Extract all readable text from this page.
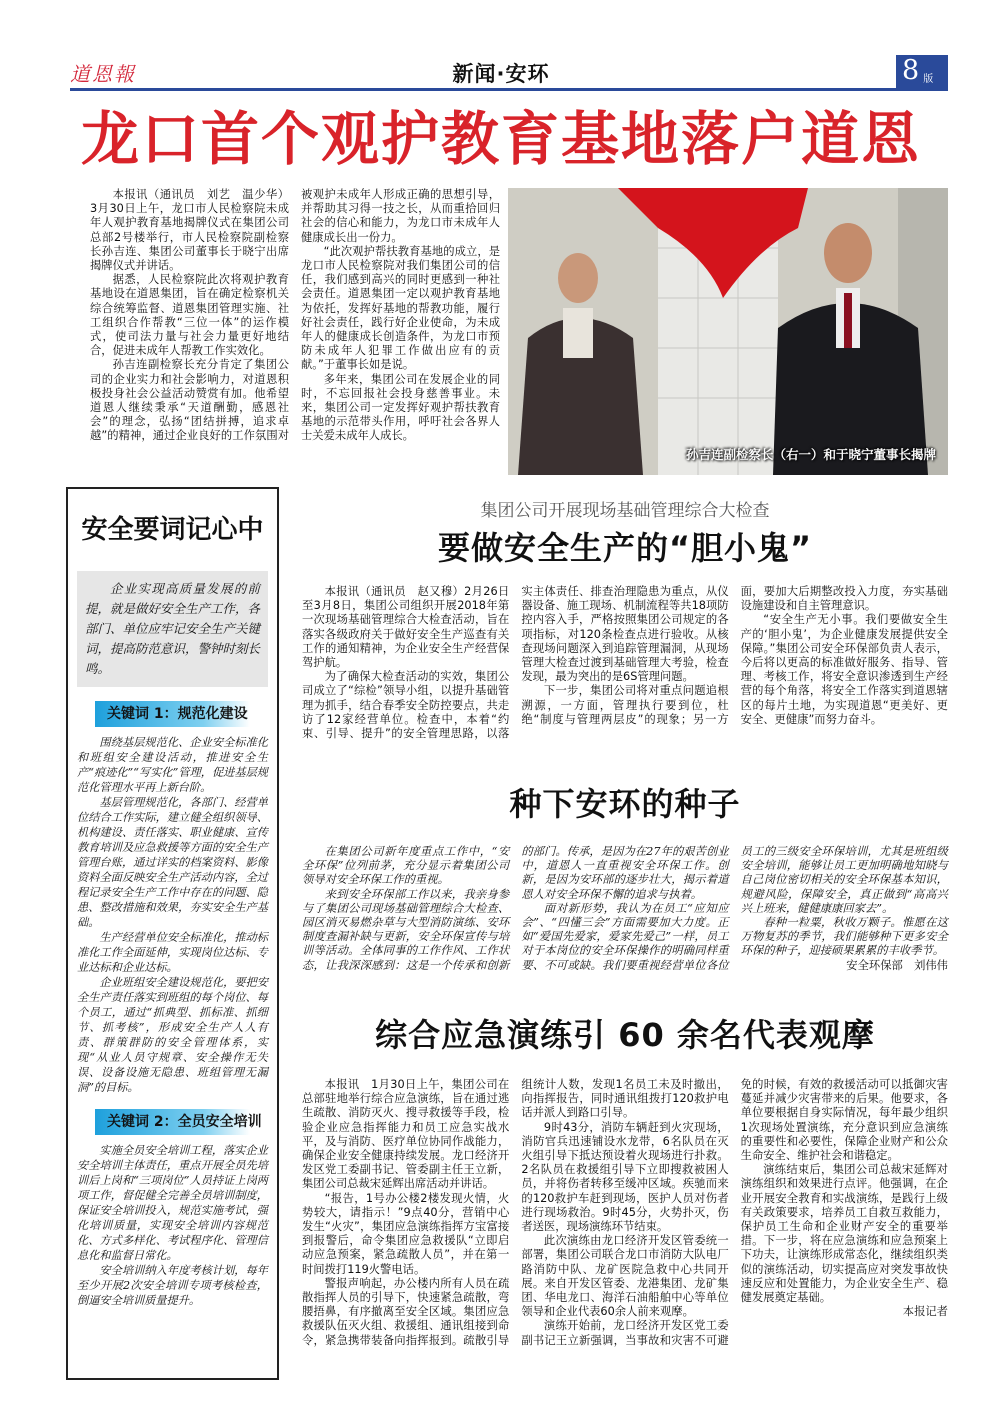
道恩報	新闻·安环	8 版
龙口首个观护教育基地落户道恩

本报讯（通讯员　刘艺　温少华）3月30日上午，龙口市人民检察院未成年人观护教育基地揭牌仪式在集团公司总部2号楼举行，市人民检察院副检察长孙吉连、集团公司董事长于晓宁出席揭牌仪式并讲话。

据悉，人民检察院此次将观护教育基地设在道恩集团，旨在确定检察机关综合统筹监督、道恩集团管理实施、社工组织合作帮教“三位一体”的运作模式，使司法力量与社会力量更好地结合，促进未成年人帮教工作实效化。

孙吉连副检察长充分肯定了集团公司的企业实力和社会影响力，对道恩积极投身社会公益活动赞赏有加。他希望道恩人继续秉承“天道酬勤，感恩社会”的理念，弘扬“团结拼搏，追求卓越”的精神，通过企业良好的工作氛围对被观护未成年人形成正确的思想引导，并帮助其习得一技之长，从而重拾回归社会的信心和能力，为龙口市未成年人健康成长出一份力。

“此次观护帮扶教育基地的成立，是龙口市人民检察院对我们集团公司的信任，我们感到高兴的同时更感到一种社会责任。道恩集团一定以观护教育基地为依托，发挥好基地的帮教功能，履行好社会责任，践行好企业使命，为未成年人的健康成长创造条件，为龙口市预防未成年人犯罪工作做出应有的贡献。”于董事长如是说。

多年来，集团公司在发展企业的同时，不忘回报社会投身慈善事业。未来，集团公司一定发挥好观护帮扶教育基地的示范带头作用，呼吁社会各界人士关爱未成年人成长。

孙吉连副检察长（右一）和于晓宁董事长揭牌
安全要词记心中
企业实现高质量发展的前提，就是做好安全生产工作，各部门、单位应牢记安全生产关键词，提高防范意识，警钟时刻长鸣。
关键词 1：规范化建设

围绕基层规范化、企业安全标准化和班组安全建设活动，推进安全生产“痕迹化”“写实化”管理，促进基层规范化管理水平再上新台阶。

基层管理规范化，各部门、经营单位结合工作实际，建立健全组织领导、机构建设、责任落实、职业健康、宣传教育培训及应急救援等方面的安全生产管理台账，通过详实的档案资料、影像资料全面反映安全生产活动内容，全过程记录安全生产工作中存在的问题、隐患、整改措施和效果，夯实安全生产基础。

生产经营单位安全标准化，推动标准化工作全面延伸，实现岗位达标、专业达标和企业达标。

企业班组安全建设规范化，要把安全生产责任落实到班组的每个岗位、每个员工，通过“抓典型、抓标准、抓细节、抓考核”，形成安全生产人人有责、群策群防的安全管理体系，实现“从业人员守规章、安全操作无失误、设备设施无隐患、班组管理无漏洞”的目标。

关键词 2：全员安全培训

实施全员安全培训工程，落实企业安全培训主体责任，重点开展全员先培训后上岗和“三项岗位”人员持证上岗两项工作，督促健全完善全员培训制度，保证安全培训投入，规范实施考试，强化培训质量，实现安全培训内容规范化、方式多样化、考试程序化、管理信息化和监督日常化。

安全培训纳入年度考核计划，每年至少开展2次安全培训专项考核检查，倒逼安全培训质量提升。

集团公司开展现场基础管理综合大检查
要做安全生产的“胆小鬼”

本报讯（通讯员　赵又穆）2月26日至3月8日，集团公司组织开展2018年第一次现场基础管理综合大检查活动，旨在落实各级政府关于做好安全生产巡查有关工作的通知精神，为企业安全生产经营保驾护航。

为了确保大检查活动的实效，集团公司成立了“综检”领导小组，以提升基础管理为抓手，结合春季安全防控要点，共走访了12家经营单位。检查中，本着“约束、引导、提升”的安全管理思路，以落实主体责任、排查治理隐患为重点，从仪器设备、施工现场、机制流程等共18项防控内容入手，严格按照集团公司规定的各项指标，对120条检查点进行验收。从核查现场问题深入到追踪管理漏洞，从现场管理大检查过渡到基础管理大考验，检查发现，最为突出的是6S管理问题。

下一步，集团公司将对重点问题追根溯源，一方面，管理执行要到位，杜绝“制度与管理两层皮”的现象；另一方面，要加大后期整改投入力度，夯实基础设施建设和自主管理意识。

“安全生产无小事。我们要做安全生产的‘胆小鬼’，为企业健康发展提供安全保障。”集团公司安全环保部负责人表示，今后将以更高的标准做好服务、指导、管理、考核工作，将安全意识渗透到生产经营的每个角落，将安全工作落实到道恩辖区的每片土地，为实现道恩“更美好、更安全、更健康”而努力奋斗。

种下安环的种子

在集团公司新年度重点工作中，“安全环保”位列前茅，充分显示着集团公司领导对安全环保工作的重视。

来到安全环保部工作以来，我亲身参与了集团公司现场基础管理综合大检查、园区消灭易燃杂草与大型消防演练、安环制度查漏补缺与更新，安全环保宣传与培训等活动。全体同事的工作作风、工作状态，让我深深感到：这是一个传承和创新的部门。传承，是因为在27年的艰苦创业中，道恩人一直重视安全环保工作。创新，是因为安环部的逐步壮大，揭示着道恩人对安全环保不懈的追求与执着。

面对新形势，我认为在员工“应知应会”、“四懂三会”方面需要加大力度。正如“爱国先爱家，爱家先爱己”一样，员工对于本岗位的安全环保操作的明确同样重要、不可或缺。我们要重视经营单位各位员工的三级安全环保培训，尤其是班组级安全培训，能够让员工更加明确地知晓与自己岗位密切相关的安全环保基本知识，规避风险，保障安全，真正做到“高高兴兴上班来，健健康康回家去”。

春种一粒粟，秋收万颗子。惟愿在这万物复苏的季节，我们能够种下更多安全环保的种子，迎接硕果累累的丰收季节。

安全环保部　刘伟伟

综合应急演练引 60 余名代表观摩

本报讯　1月30日上午，集团公司在总部驻地举行综合应急演练，旨在通过逃生疏散、消防灭火、搜寻救援等手段，检验企业应急指挥能力和员工应急实战水平，及与消防、医疗单位协同作战能力，确保企业安全健康持续发展。龙口经济开发区党工委副书记、管委副主任王立新，集团公司总裁宋延辉出席活动并讲话。

“报告，1号办公楼2楼发现火情，火势较大，请指示！”9点40分，营销中心发生“火灾”，集团应急演练指挥方宝富接到报警后，命令集团应急救援队“立即启动应急预案，紧急疏散人员”，并在第一时间拨打119火警电话。

警报声响起，办公楼内所有人员在疏散指挥人员的引导下，快速紧急疏散，弯腰捂鼻，有序撤离至安全区域。集团应急救援队伍灭火组、救援组、通讯组接到命令，紧急携带装备向指挥报到。疏散引导组统计人数，发现1名员工未及时撤出，向指挥报告，同时通讯组拨打120救护电话并派人到路口引导。

9时43分，消防车辆赶到火灾现场，消防官兵迅速铺设水龙带，6名队员在灭火组引导下抵达预设着火现场进行扑救。2名队员在救援组引导下立即搜救被困人员，并将伤者转移至缓冲区域。疾驰而来的120救护车赶到现场，医护人员对伤者进行现场救治。9时45分，火势扑灭，伤者送医，现场演练环节结束。

此次演练由龙口经济开发区管委统一部署，集团公司联合龙口市消防大队电厂路消防中队、龙矿医院急救中心共同开展。来自开发区管委、龙港集团、龙矿集团、华电龙口、海洋石油船舶中心等单位领导和企业代表60余人前来观摩。

演练开始前，龙口经济开发区党工委副书记王立新强调，当事故和灾害不可避免的时候，有效的救援活动可以抵御灾害蔓延并减少灾害带来的后果。他要求，各单位要根据自身实际情况，每年最少组织1次现场处置演练，充分意识到应急演练的重要性和必要性，保障企业财产和公众生命安全、维护社会和谐稳定。

演练结束后，集团公司总裁宋延辉对演练组织和效果进行点评。他强调，在企业开展安全教育和实战演练，是践行上级有关政策要求，培养员工自救互救能力，保护员工生命和企业财产安全的重要举措。下一步，将在应急演练和应急预案上下功夫，让演练形成常态化，继续组织类似的演练活动，切实提高应对突发事故快速反应和处置能力，为企业安全生产、稳健发展奠定基础。

本报记者
